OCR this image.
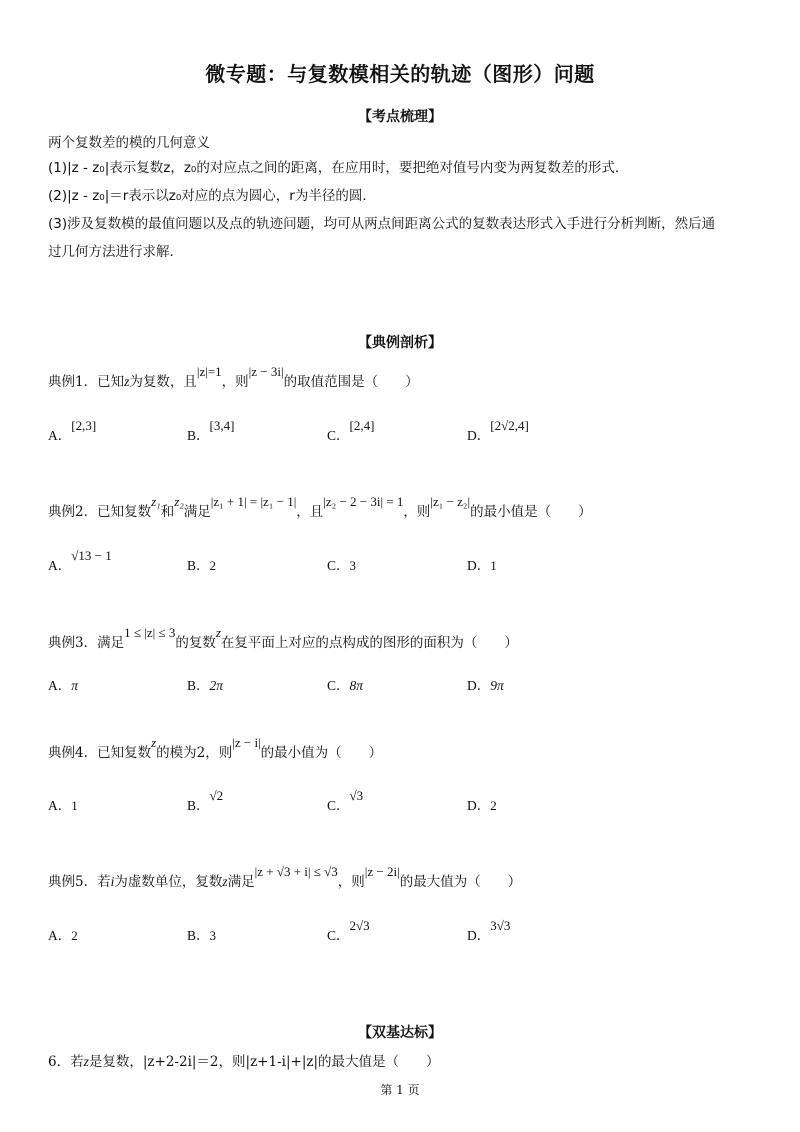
微专题：与复数模相关的轨迹（图形）问题
【考点梳理】
两个复数差的模的几何意义
(1)|z - z₀|表示复数z，z₀的对应点之间的距离，在应用时，要把绝对值号内变为两复数差的形式．
(2)|z - z₀|＝r表示以z₀对应的点为圆心，r为半径的圆．
(3)涉及复数模的最值问题以及点的轨迹问题，均可从两点间距离公式的复数表达形式入手进行分析判断，然后通
过几何方法进行求解．
【典例剖析】
典例1．已知z为复数，且|z|=1，则|z − 3i|的取值范围是（　　）
A．[2,3]
B．[3,4]
C．[2,4]
D．[2√2,4]
典例2．已知复数z₁和z₂满足|z₁ + 1| = |z₁ − 1|，且|z₂ − 2 − 3i| = 1，则|z₁ − z₂|的最小值是（　　）
A．√13 − 1
B．2	C．3	D．1
典例3．满足1 ≤ |z| ≤ 3的复数z在复平面上对应的点构成的图形的面积为（　　）
A．π	B．2π	C．8π	D．9π
典例4．已知复数z的模为2，则|z − i|的最小值为（　　）
A．1	B．√2
C．√3
D．2
典例5．若i为虚数单位，复数z满足|z + √3 + i| ≤ √3，则|z − 2i|的最大值为（　　）
A．2	B．3	C．2√3
D．3√3
【双基达标】
6．若z是复数，|z+2-2i|＝2，则|z+1-i|+|z|的最大值是（　　）
第 1 页
